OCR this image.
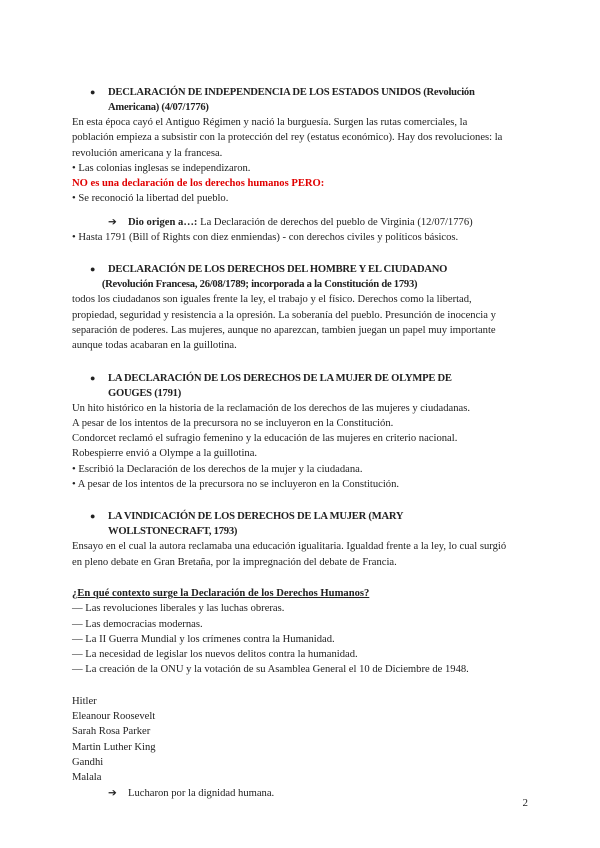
●	DECLARACIÓN DE INDEPENDENCIA DE LOS ESTADOS UNIDOS (Revolución
Americana) (4/07/1776)

En esta época cayó el Antiguo Régimen y nació la burguesía. Surgen las rutas comerciales, la

población empieza a subsistir con la protección del rey (estatus económico). Hay dos revoluciones: la

revolución americana y la francesa.

• Las colonias inglesas se independizaron.

NO es una declaración de los derechos humanos PERO:

• Se reconoció la libertad del pueblo.

➔	Dio origen a…: La Declaración de derechos del pueblo de Virginia (12/07/1776)

• Hasta 1791 (Bill of Rights con diez enmiendas) - con derechos civiles y políticos básicos.

●	DECLARACIÓN DE LOS DERECHOS DEL HOMBRE Y EL CIUDADANO
(Revolución Francesa, 26/08/1789; incorporada a la Constitución de 1793)

todos los ciudadanos son iguales frente la ley, el trabajo y el físico. Derechos como la libertad,

propiedad, seguridad y resistencia a la opresión. La soberanía del pueblo. Presunción de inocencia y

separación de poderes. Las mujeres, aunque no aparezcan, tambien juegan un papel muy importante

aunque todas acabaran en la guillotina.

●	LA DECLARACIÓN DE LOS DERECHOS DE LA MUJER DE OLYMPE DE
GOUGES (1791)

Un hito histórico en la historia de la reclamación de los derechos de las mujeres y ciudadanas.

A pesar de los intentos de la precursora no se incluyeron en la Constitución.

Condorcet reclamó el sufragio femenino y la educación de las mujeres en criterio nacional.

Robespierre envió a Olympe a la guillotina.

• Escribió la Declaración de los derechos de la mujer y la ciudadana.

• A pesar de los intentos de la precursora no se incluyeron en la Constitución.

●	LA VINDICACIÓN DE LOS DERECHOS DE LA MUJER (MARY
WOLLSTONECRAFT, 1793)

Ensayo en el cual la autora reclamaba una educación igualitaria. Igualdad frente a la ley, lo cual surgió

en pleno debate en Gran Bretaña, por la impregnación del debate de Francia.

¿En qué contexto surge la Declaración de los Derechos Humanos?

— Las revoluciones liberales y las luchas obreras.

— Las democracias modernas.

— La II Guerra Mundial y los crímenes contra la Humanidad.

— La necesidad de legislar los nuevos delitos contra la humanidad.

— La creación de la ONU y la votación de su Asamblea General el 10 de Diciembre de 1948.

Hitler

Eleanour Roosevelt

Sarah Rosa Parker

Martin Luther King

Gandhi

Malala

➔	Lucharon por la dignidad humana.
2
